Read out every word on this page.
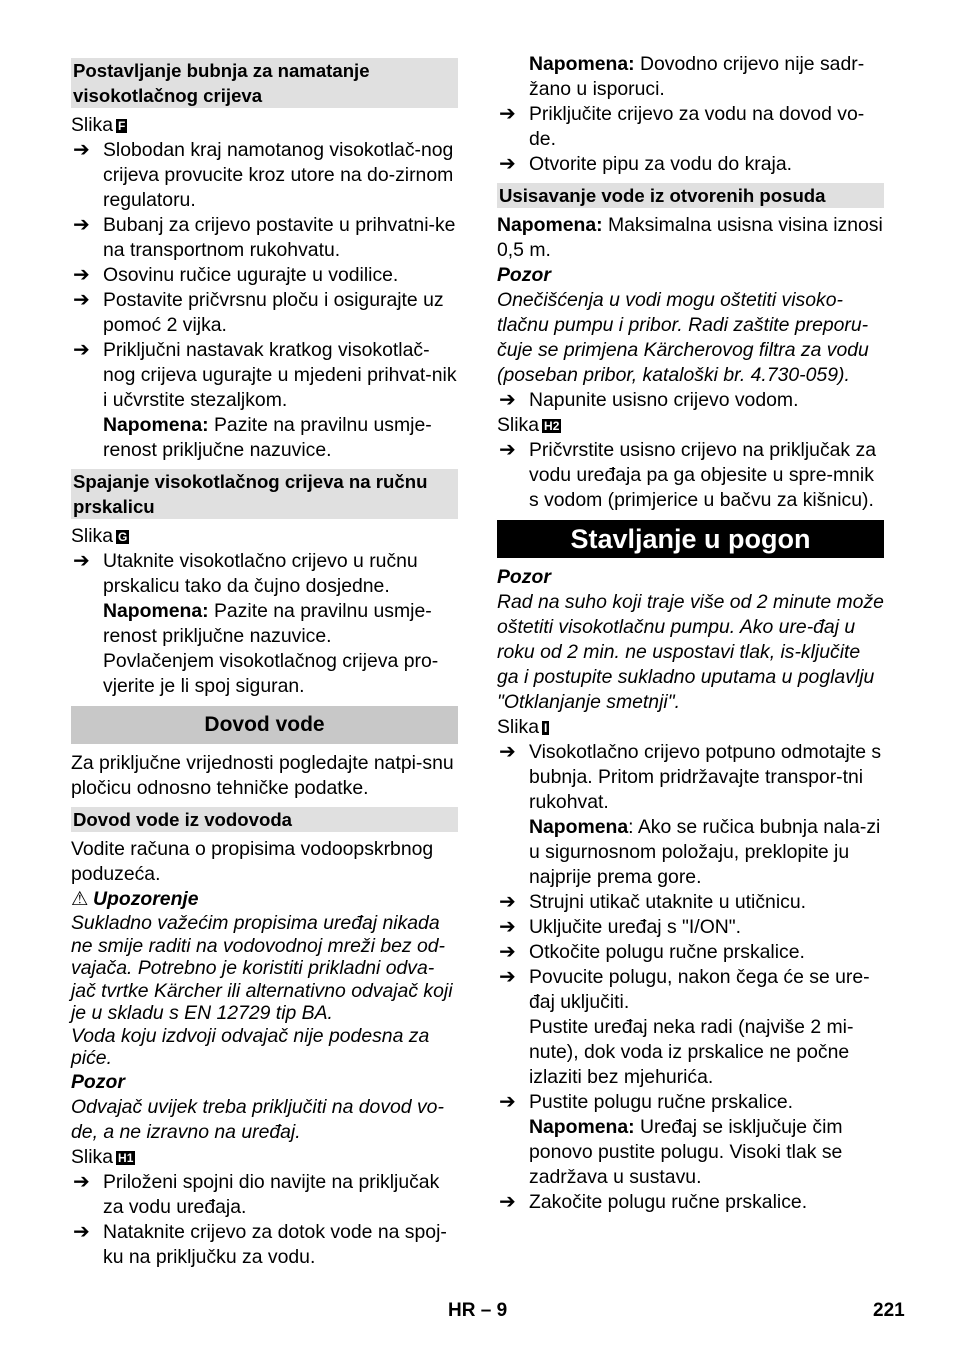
Postavljanje bubnja za namatanje visokotlačnog crijeva

Slika F

➔ Slobodan kraj namotanog visokotlač-nog crijeva provucite kroz utore na do-zirnom regulatoru.

➔ Bubanj za crijevo postavite u prihvatni-ke na transportnom rukohvatu.

➔ Osovinu ručice ugurajte u vodilice.

➔ Postavite pričvrsnu ploču i osigurajte uz pomoć 2 vijka.

➔ Priključni nastavak kratkog visokotlač-nog crijeva ugurajte u mjedeni prihvat-nik i učvrstite stezaljkom.

Napomena: Pazite na pravilnu usmje-renost priključne nazuvice.

Spajanje visokotlačnog crijeva na ručnu prskalicu

Slika G

➔ Utaknite visokotlačno crijevo u ručnu prskalicu tako da čujno dosjedne.

Napomena: Pazite na pravilnu usmje-renost priključne nazuvice.

Povlačenjem visokotlačnog crijeva pro-vjerite je li spoj siguran.

Dovod vode

Za priključne vrijednosti pogledajte natpi-snu pločicu odnosno tehničke podatke.

Dovod vode iz vodovoda

Vodite računa o propisima vodoopskrbnog poduzeća.

⚠ Upozorenje

Sukladno važećim propisima uređaj nikada ne smije raditi na vodovodnoj mreži bez od-vajača. Potrebno je koristiti prikladni odva-jač tvrtke Kärcher ili alternativno odvajač koji je u skladu s EN 12729 tip BA.

Voda koju izdvoji odvajač nije podesna za piće.

Pozor

Odvajač uvijek treba priključiti na dovod vo-de, a ne izravno na uređaj.

Slika H1

➔ Priloženi spojni dio navijte na priključak za vodu uređaja.

➔ Nataknite crijevo za dotok vode na spoj-ku na priključku za vodu.

Napomena: Dovodno crijevo nije sadr-žano u isporuci.

➔ Priključite crijevo za vodu na dovod vo-de.

➔ Otvorite pipu za vodu do kraja.

Usisavanje vode iz otvorenih posuda

Napomena: Maksimalna usisna visina iznosi 0,5 m.

Pozor

Onečišćenja u vodi mogu oštetiti visoko-tlačnu pumpu i pribor. Radi zaštite preporu-čuje se primjena Kärcherovog filtra za vodu (poseban pribor, kataloški br. 4.730-059).

➔ Napunite usisno crijevo vodom.

Slika H2

➔ Pričvrstite usisno crijevo na priključak za vodu uređaja pa ga objesite u spre-mnik s vodom (primjerice u bačvu za kišnicu).

Stavljanje u pogon

Pozor

Rad na suho koji traje više od 2 minute može oštetiti visokotlačnu pumpu. Ako ure-đaj u roku od 2 min. ne uspostavi tlak, is-ključite ga i postupite sukladno uputama u poglavlju "Otklanjanje smetnji".

Slika I

➔ Visokotlačno crijevo potpuno odmotajte s bubnja. Pritom pridržavajte transpor-tni rukohvat.

Napomena: Ako se ručica bubnja nala-zi u sigurnosnom položaju, preklopite ju najprije prema gore.

➔ Strujni utikač utaknite u utičnicu.

➔ Uključite uređaj s "I/ON".

➔ Otkočite polugu ručne prskalice.

➔ Povucite polugu, nakon čega će se ure-đaj uključiti.

Pustite uređaj neka radi (najviše 2 mi-nute), dok voda iz prskalice ne počne izlaziti bez mjehurića.

➔ Pustite polugu ručne prskalice.

Napomena: Uređaj se isključuje čim ponovo pustite polugu. Visoki tlak se zadržava u sustavu.

➔ Zakočite polugu ručne prskalice.

HR – 9	221
